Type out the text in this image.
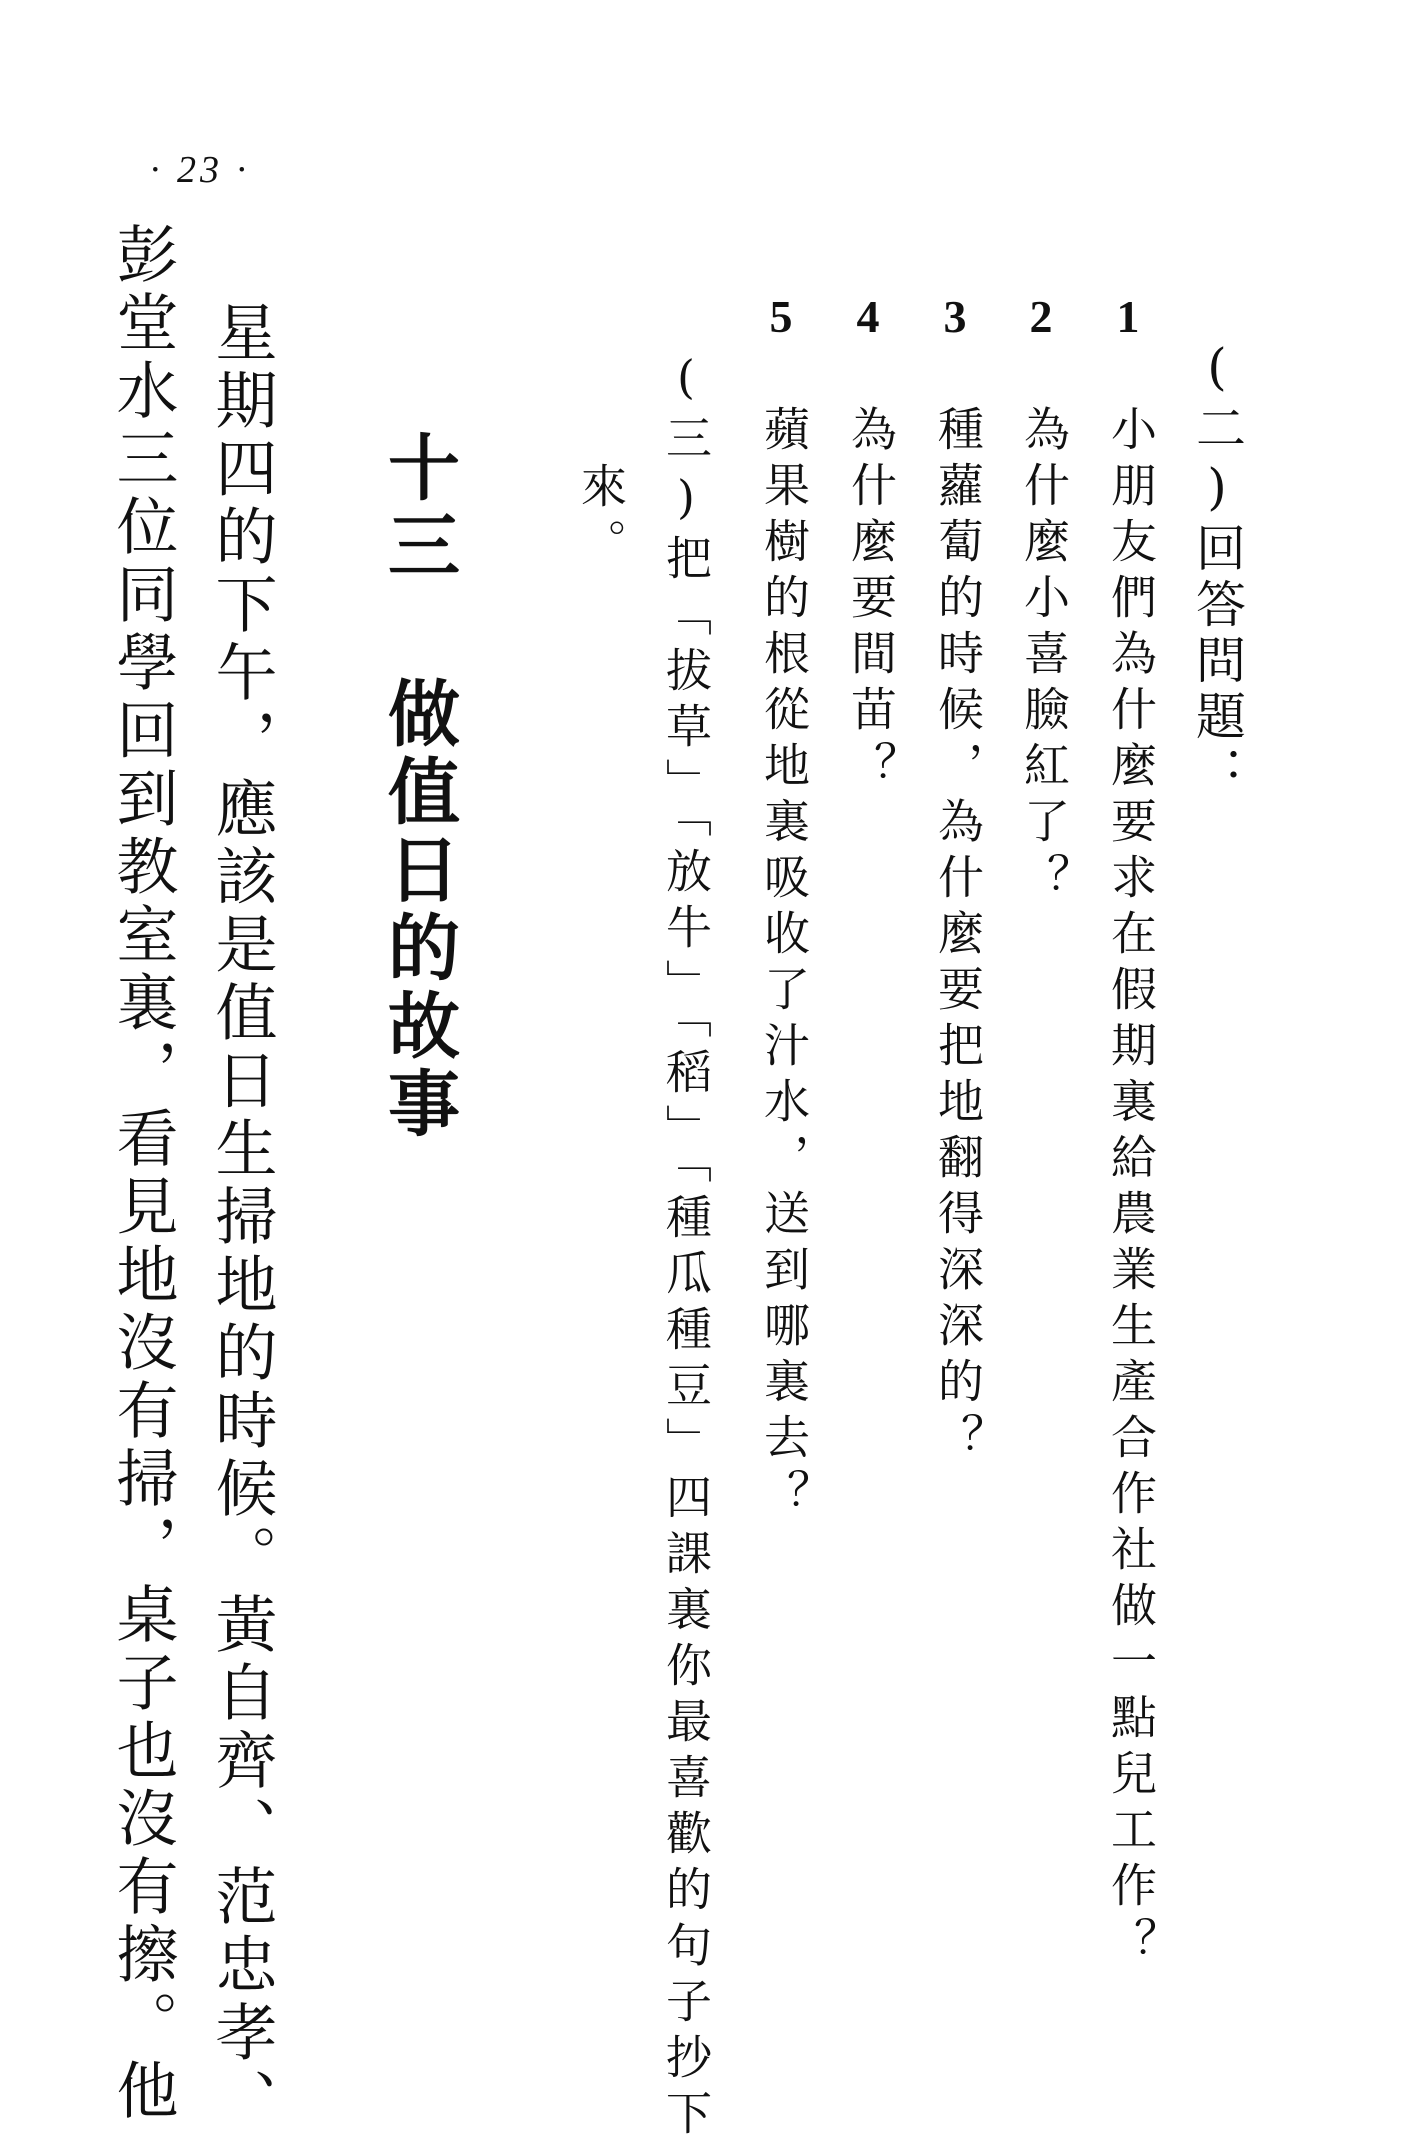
· 23 ·
(二)回答問題：
1
小朋友們為什麼要求在假期裏給農業生產合作社做一點兒工作？
2
為什麼小喜臉紅了？
3
種蘿蔔的時候，為什麼要把地翻得深深的？
4
為什麼要間苗？
5
蘋果樹的根從地裏吸收了汁水，送到哪裏去？
(三)把「拔草」「放牛」「稻」「種瓜種豆」四課裏你最喜歡的句子抄下
來。
十三做值日的故事
星期四的下午，應該是值日生掃地的時候。黃自齊、范忠孝、
彭堂水三位同學回到教室裏，看見地沒有掃，桌子也沒有擦。他
